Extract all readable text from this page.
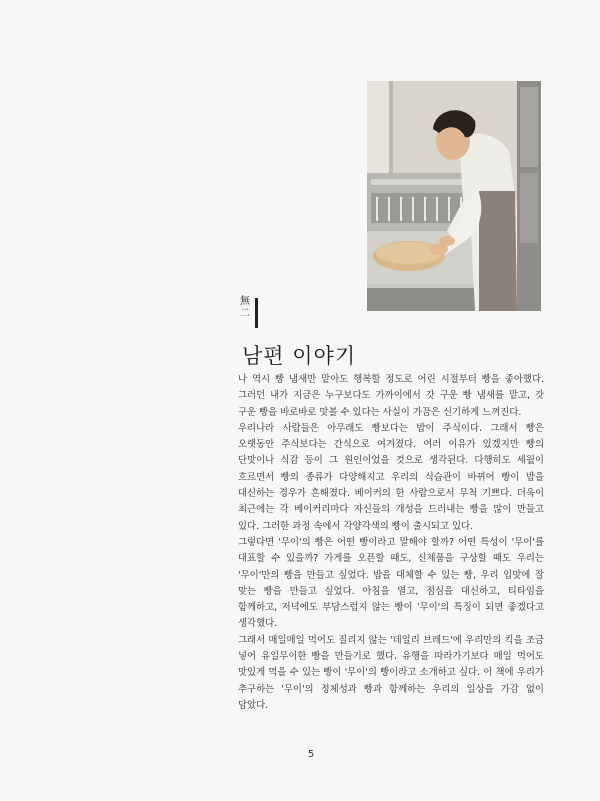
無二
남편 이야기

나 역시 빵 냄새만 맡아도 행복할 정도로 어린 시절부터 빵을 좋아했다. 그러던 내가 지금은 누구보다도 가까이에서 갓 구운 빵 냄새를 맡고, 갓 구운 빵을 바로바로 맛볼 수 있다는 사실이 가끔은 신기하게 느껴진다.

우리나라 사람들은 아무래도 빵보다는 밥이 주식이다. 그래서 빵은 오랫동안 주식보다는 간식으로 여겨졌다. 여러 이유가 있겠지만 빵의 단맛이나 식감 등이 그 원인이었을 것으로 생각된다. 다행히도 세월이 흐르면서 빵의 종류가 다양해지고 우리의 식습관이 바뀌어 빵이 밥을 대신하는 경우가 흔해졌다. 베이커의 한 사람으로서 무척 기쁘다. 더욱이 최근에는 각 베이커리마다 자신들의 개성을 드러내는 빵을 많이 만들고 있다. 그러한 과정 속에서 각양각색의 빵이 출시되고 있다.

그렇다면 '무이'의 빵은 어떤 빵이라고 말해야 할까? 어떤 특성이 '무이'를 대표할 수 있을까? 가게를 오픈할 때도, 신제품을 구상할 때도 우리는 '무이'만의 빵을 만들고 싶었다. 밥을 대체할 수 있는 빵, 우리 입맛에 잘 맞는 빵을 만들고 싶었다. 아침을 열고, 점심을 대신하고, 티타임을 함께하고, 저녁에도 부담스럽지 않는 빵이 '무이'의 특징이 되면 좋겠다고 생각했다.

그래서 매일매일 먹어도 질리지 않는 '데일리 브레드'에 우리만의 킥을 조금 넣어 유일무이한 빵을 만들기로 했다. 유행을 따라가기보다 매일 먹어도 맛있게 먹을 수 있는 빵이 '무이'의 빵이라고 소개하고 싶다. 이 책에 우리가 추구하는 '무이'의 정체성과 빵과 함께하는 우리의 일상을 가감 없이 담았다.

5
